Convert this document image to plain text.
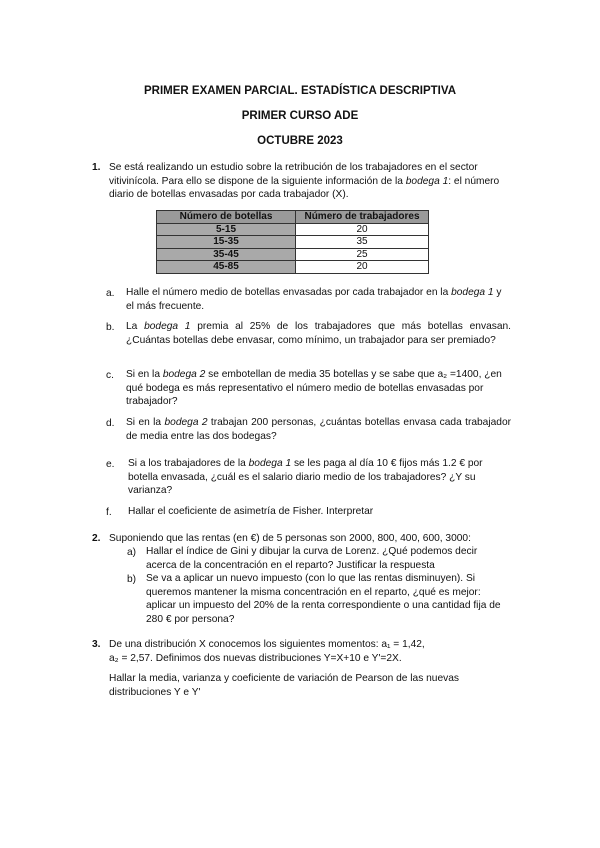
PRIMER EXAMEN PARCIAL. ESTADÍSTICA DESCRIPTIVA
PRIMER CURSO ADE
OCTUBRE 2023
1. Se está realizando un estudio sobre la retribución de los trabajadores en el sector vitivinícola. Para ello se dispone de la siguiente información de la bodega 1: el número diario de botellas envasadas por cada trabajador (X).
Número de botellas	Número de trabajadores
5-15	20
15-35	35
35-45	25
45-85	20
a. Halle el número medio de botellas envasadas por cada trabajador en la bodega 1 y el más frecuente.
b. La bodega 1 premia al 25% de los trabajadores que más botellas envasan. ¿Cuántas botellas debe envasar, como mínimo, un trabajador para ser premiado?
c. Si en la bodega 2 se embotellan de media 35 botellas y se sabe que a₂ =1400, ¿en qué bodega es más representativo el número medio de botellas envasadas por trabajador?
d. Si en la bodega 2 trabajan 200 personas, ¿cuántas botellas envasa cada trabajador de media entre las dos bodegas?
e. Si a los trabajadores de la bodega 1 se les paga al día 10 € fijos más 1.2 € por botella envasada, ¿cuál es el salario diario medio de los trabajadores? ¿Y su varianza?
f. Hallar el coeficiente de asimetría de Fisher. Interpretar
2. Suponiendo que las rentas (en €) de 5 personas son 2000, 800, 400, 600, 3000:
a) Hallar el índice de Gini y dibujar la curva de Lorenz. ¿Qué podemos decir acerca de la concentración en el reparto? Justificar la respuesta
b) Se va a aplicar un nuevo impuesto (con lo que las rentas disminuyen). Si queremos mantener la misma concentración en el reparto, ¿qué es mejor: aplicar un impuesto del 20% de la renta correspondiente o una cantidad fija de 280 € por persona?
3. De una distribución X conocemos los siguientes momentos: a₁ = 1,42,
a₂ = 2,57. Definimos dos nuevas distribuciones Y=X+10 e Y'=2X.
Hallar la media, varianza y coeficiente de variación de Pearson de las nuevas distribuciones Y e Y'
